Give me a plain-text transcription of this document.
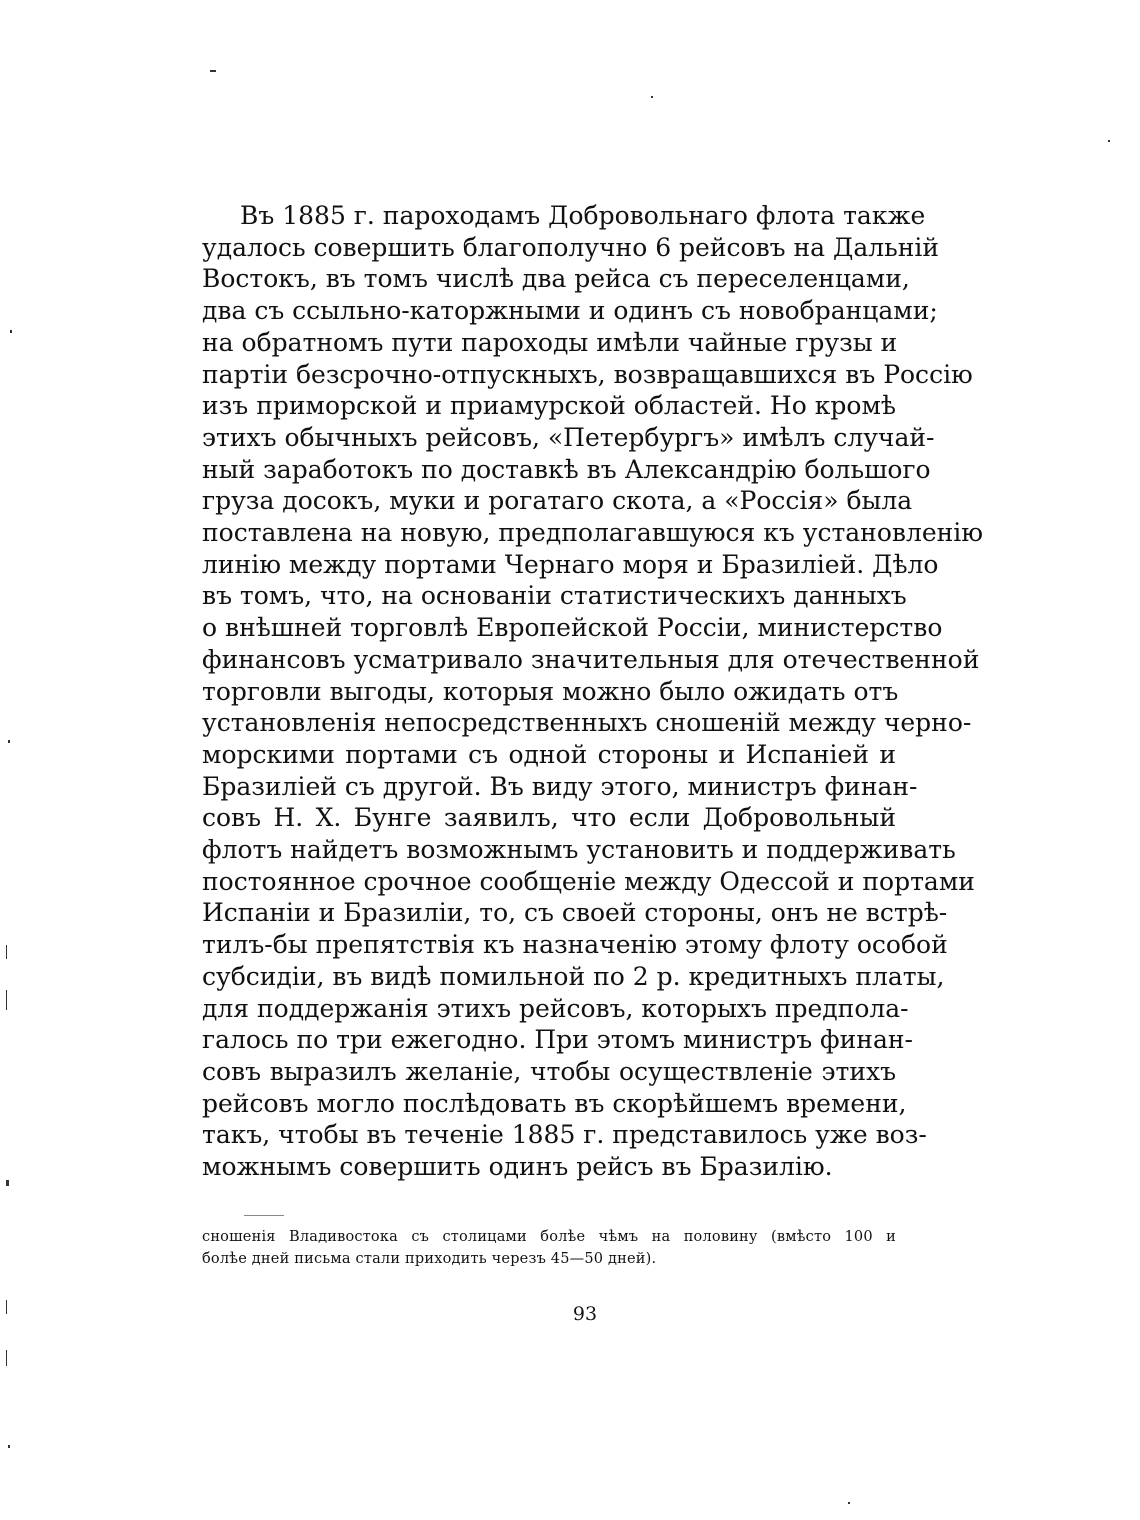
Въ 1885 г. пароходамъ Добровольнаго флота также
удалось совершить благополучно 6 рейсовъ на Дальній
Востокъ, въ томъ числѣ два рейса съ переселенцами,
два съ ссыльно-каторжными и одинъ съ новобранцами;
на обратномъ пути пароходы имѣли чайные грузы и
партіи безсрочно-отпускныхъ, возвращавшихся въ Россію
изъ приморской и приамурской областей. Но кромѣ
этихъ обычныхъ рейсовъ, «Петербургъ» имѣлъ случай-
ный заработокъ по доставкѣ въ Александрію большого
груза досокъ, муки и рогатаго скота, а «Россія» была
поставлена на новую, предполагавшуюся къ установленію
линію между портами Чернаго моря и Бразиліей. Дѣло
въ томъ, что, на основаніи статистическихъ данныхъ
о внѣшней торговлѣ Европейской Россіи, министерство
финансовъ усматривало значительныя для отечественной
торговли выгоды, которыя можно было ожидать отъ
установленія непосредственныхъ сношеній между черно-
морскими портами съ одной стороны и Испаніей и
Бразиліей съ другой. Въ виду этого, министръ финан-
совъ Н. Х. Бунге заявилъ, что если Добровольный
флотъ найдетъ возможнымъ установить и поддерживать
постоянное срочное сообщеніе между Одессой и портами
Испаніи и Бразиліи, то, съ своей стороны, онъ не встрѣ-
тилъ-бы препятствія къ назначенію этому флоту особой
субсидіи, въ видѣ помильной по 2 р. кредитныхъ платы,
для поддержанія этихъ рейсовъ, которыхъ предпола-
галось по три ежегодно. При этомъ министръ финан-
совъ выразилъ желаніе, чтобы осуществленіе этихъ
рейсовъ могло послѣдовать въ скорѣйшемъ времени,
такъ, чтобы въ теченіе 1885 г. представилось уже воз-
можнымъ совершить одинъ рейсъ въ Бразилію.
сношенія Владивостока съ столицами болѣе чѣмъ на половину (вмѣсто 100 и
болѣе дней письма стали приходить черезъ 45—50 дней).
93
